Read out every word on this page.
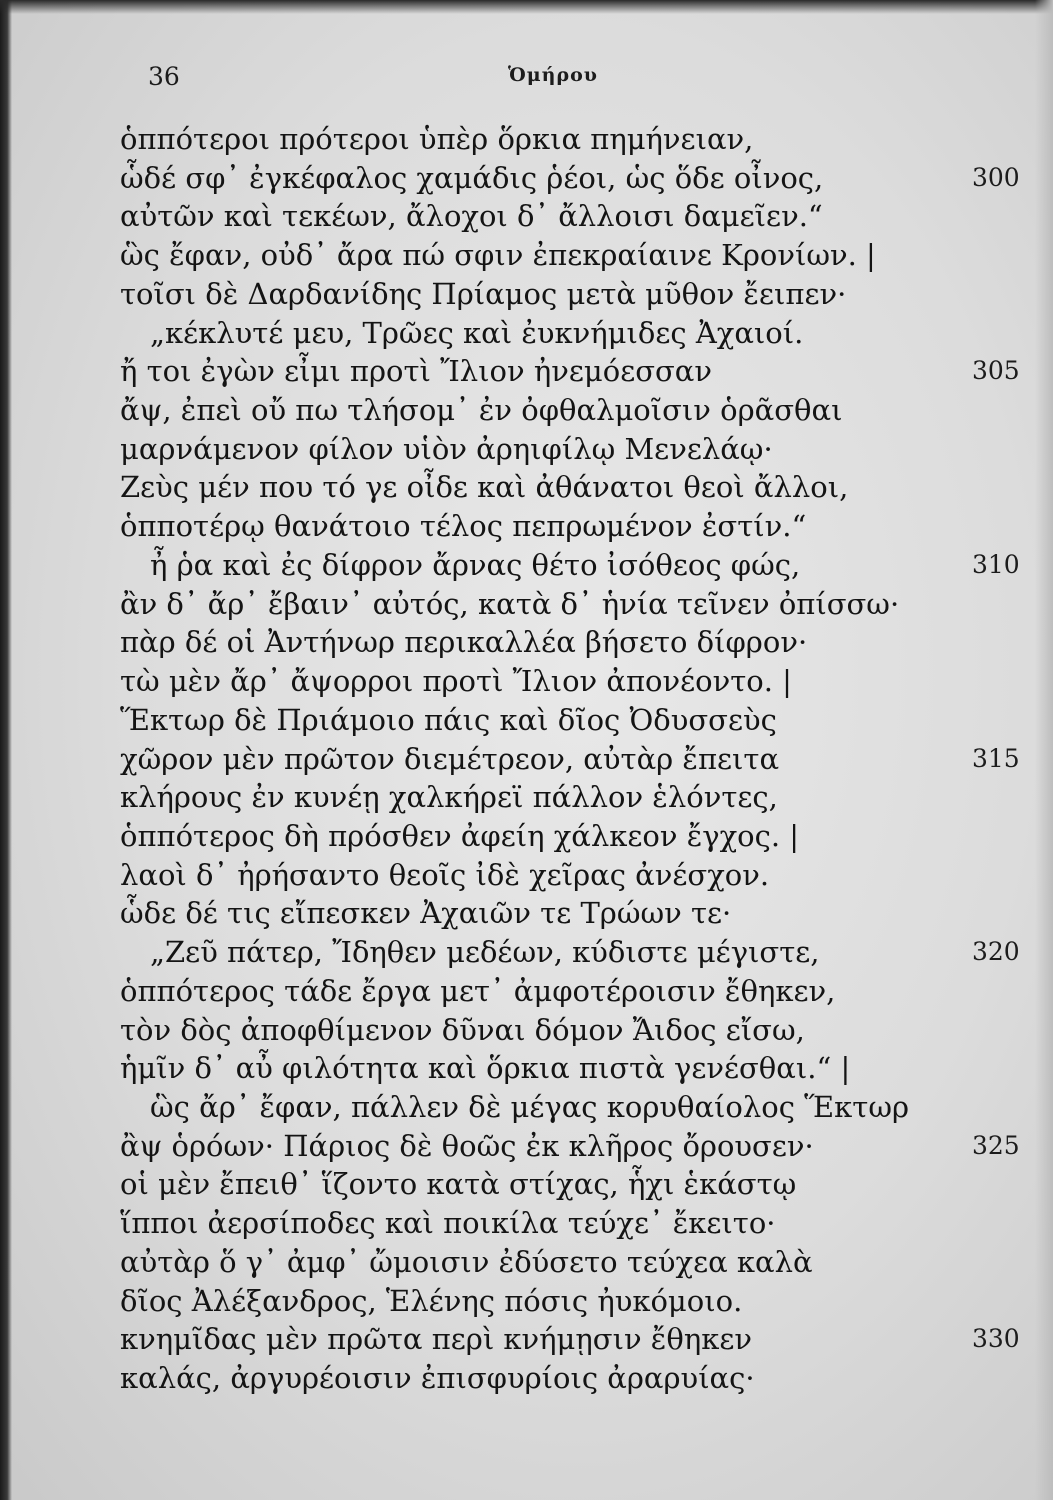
36	Ὁμήρου
ὁππότεροι πρότεροι ὑπὲρ ὅρκια πημήνειαν,
ὧδέ σφ᾽ ἐγκέφαλος χαμάδις ῥέοι, ὡς ὅδε οἶνος,	300
αὐτῶν καὶ τεκέων, ἄλοχοι δ᾽ ἄλλοισι δαμεῖεν.“
ὣς ἔφαν, οὐδ᾽ ἄρα πώ σφιν ἐπεκραίαινε Κρονίων. |
τοῖσι δὲ Δαρδανίδης Πρίαμος μετὰ μῦθον ἔειπεν·
„κέκλυτέ μευ, Τρῶες καὶ ἐυκνήμιδες Ἀχαιοί.
ἤ τοι ἐγὼν εἶμι προτὶ Ἴλιον ἠνεμόεσσαν	305
ἄψ, ἐπεὶ οὔ πω τλήσομ᾽ ἐν ὀφθαλμοῖσιν ὁρᾶσθαι
μαρνάμενον φίλον υἱὸν ἀρηιφίλῳ Μενελάῳ·
Ζεὺς μέν που τό γε οἶδε καὶ ἀθάνατοι θεοὶ ἄλλοι,
ὁπποτέρῳ θανάτοιο τέλος πεπρωμένον ἐστίν.“
ἦ ῥα καὶ ἐς δίφρον ἄρνας θέτο ἰσόθεος φώς,	310
ἂν δ᾽ ἄρ᾽ ἔβαιν᾽ αὐτός, κατὰ δ᾽ ἡνία τεῖνεν ὀπίσσω·
πὰρ δέ οἱ Ἀντήνωρ περικαλλέα βήσετο δίφρον·
τὼ μὲν ἄρ᾽ ἄψορροι προτὶ Ἴλιον ἀπονέοντο. |
Ἕκτωρ δὲ Πριάμοιο πάις καὶ δῖος Ὀδυσσεὺς
χῶρον μὲν πρῶτον διεμέτρεον, αὐτὰρ ἔπειτα	315
κλήρους ἐν κυνέῃ χαλκήρεϊ πάλλον ἑλόντες,
ὁππότερος δὴ πρόσθεν ἀφείη χάλκεον ἔγχος. |
λαοὶ δ᾽ ἠρήσαντο θεοῖς ἰδὲ χεῖρας ἀνέσχον.
ὧδε δέ τις εἴπεσκεν Ἀχαιῶν τε Τρώων τε·
„Ζεῦ πάτερ, Ἴδηθεν μεδέων, κύδιστε μέγιστε,	320
ὁππότερος τάδε ἔργα μετ᾽ ἀμφοτέροισιν ἔθηκεν,
τὸν δὸς ἀποφθίμενον δῦναι δόμον Ἄιδος εἴσω,
ἡμῖν δ᾽ αὖ φιλότητα καὶ ὅρκια πιστὰ γενέσθαι.“ |
ὣς ἄρ᾽ ἔφαν, πάλλεν δὲ μέγας κορυθαίολος Ἕκτωρ
ἂψ ὁρόων· Πάριος δὲ θοῶς ἐκ κλῆρος ὄρουσεν·	325
οἱ μὲν ἔπειθ᾽ ἵζοντο κατὰ στίχας, ἧχι ἑκάστῳ
ἵπποι ἀερσίποδες καὶ ποικίλα τεύχε᾽ ἔκειτο·
αὐτὰρ ὅ γ᾽ ἀμφ᾽ ὤμοισιν ἐδύσετο τεύχεα καλὰ
δῖος Ἀλέξανδρος, Ἑλένης πόσις ἠυκόμοιο.
κνημῖδας μὲν πρῶτα περὶ κνήμῃσιν ἔθηκεν	330
καλάς, ἀργυρέοισιν ἐπισφυρίοις ἀραρυίας·
